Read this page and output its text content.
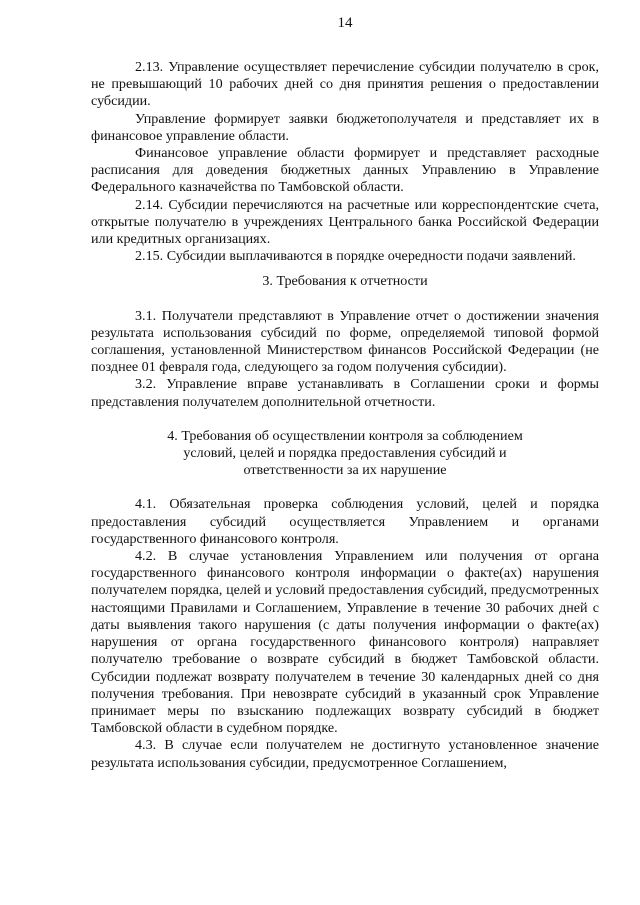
14

2.13. Управление осуществляет перечисление субсидии получателю в срок, не превышающий 10 рабочих дней со дня принятия решения о предоставлении субсидии.

Управление формирует заявки бюджетополучателя и представляет их в финансовое управление области.

Финансовое управление области формирует и представляет расходные расписания для доведения бюджетных данных Управлению в Управление Федерального казначейства по Тамбовской области.

2.14. Субсидии перечисляются на расчетные или корреспондентские счета, открытые получателю в учреждениях Центрального банка Российской Федерации или кредитных организациях.

2.15. Субсидии выплачиваются в порядке очередности подачи заявлений.

3. Требования к отчетности

3.1. Получатели представляют в Управление отчет о достижении значения результата использования субсидий по форме, определяемой типовой формой соглашения, установленной Министерством финансов Российской Федерации (не позднее 01 февраля года, следующего за годом получения субсидии).

3.2. Управление вправе устанавливать в Соглашении сроки и формы представления получателем дополнительной отчетности.

4. Требования об осуществлении контроля за соблюдением

условий, целей и порядка предоставления субсидий и

ответственности за их нарушение

4.1. Обязательная проверка соблюдения условий, целей и порядка предоставления субсидий осуществляется Управлением и органами государственного финансового контроля.

4.2. В случае установления Управлением или получения от органа государственного финансового контроля информации о факте(ах) нарушения получателем порядка, целей и условий предоставления субсидий, предусмотренных настоящими Правилами и Соглашением, Управление в течение 30 рабочих дней с даты выявления такого нарушения (с даты получения информации о факте(ах) нарушения от органа государственного финансового контроля) направляет получателю требование о возврате субсидий в бюджет Тамбовской области. Субсидии подлежат возврату получателем в течение 30 календарных дней со дня получения требования. При невозврате субсидий в указанный срок Управление принимает меры по взысканию подлежащих возврату субсидий в бюджет Тамбовской области в судебном порядке.

4.3. В случае если получателем не достигнуто установленное значение результата использования субсидии, предусмотренное Соглашением,
